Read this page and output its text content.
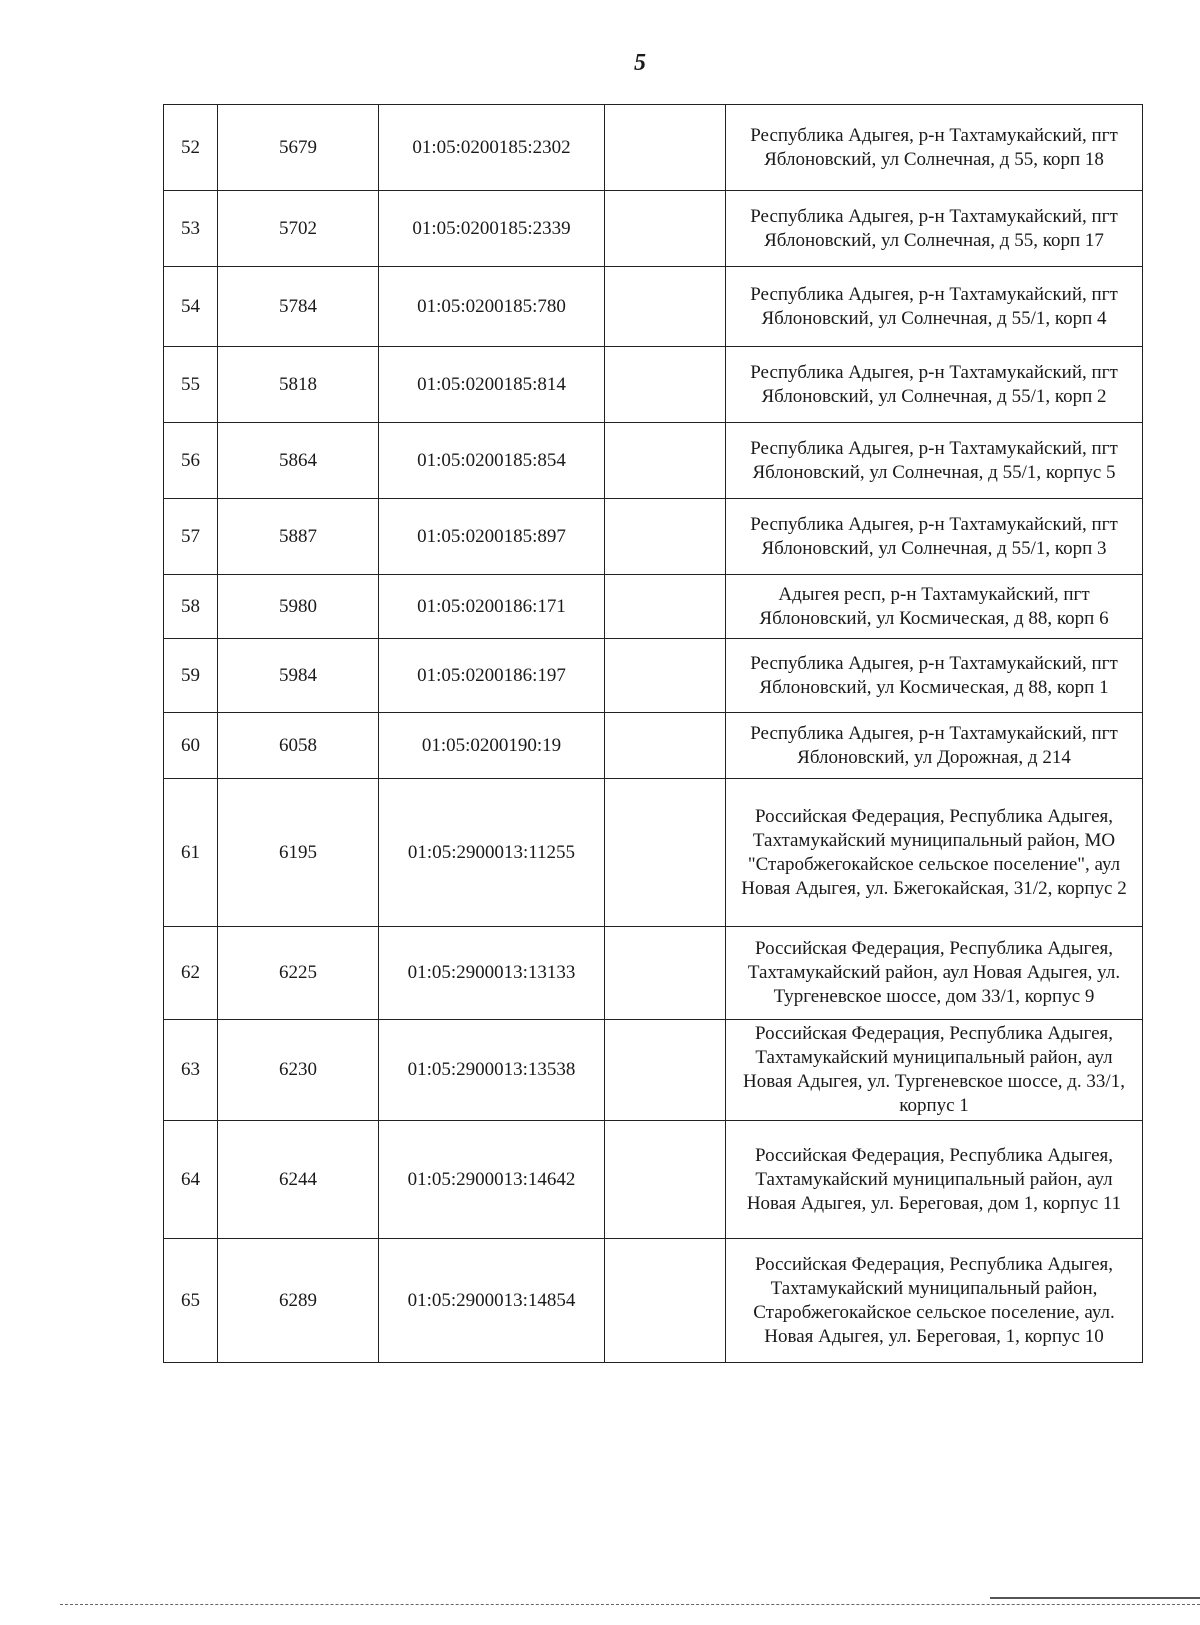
5
52	5679	01:05:0200185:2302		Республика Адыгея, р-н Тахтамукайский, пгт Яблоновский, ул Солнечная, д 55, корп 18
53	5702	01:05:0200185:2339		Республика Адыгея, р-н Тахтамукайский, пгт Яблоновский, ул Солнечная, д 55, корп 17
54	5784	01:05:0200185:780		Республика Адыгея, р-н Тахтамукайский, пгт Яблоновский, ул Солнечная, д 55/1, корп 4
55	5818	01:05:0200185:814		Республика Адыгея, р-н Тахтамукайский, пгт Яблоновский, ул Солнечная, д 55/1, корп 2
56	5864	01:05:0200185:854		Республика Адыгея, р-н Тахтамукайский, пгт Яблоновский, ул Солнечная, д 55/1, корпус 5
57	5887	01:05:0200185:897		Республика Адыгея, р-н Тахтамукайский, пгт Яблоновский, ул Солнечная, д 55/1, корп 3
58	5980	01:05:0200186:171		Адыгея респ, р-н Тахтамукайский, пгт Яблоновский, ул Космическая, д 88, корп 6
59	5984	01:05:0200186:197		Республика Адыгея, р-н Тахтамукайский, пгт Яблоновский, ул Космическая, д 88, корп 1
60	6058	01:05:0200190:19		Республика Адыгея, р-н Тахтамукайский, пгт Яблоновский, ул Дорожная, д 214
61	6195	01:05:2900013:11255		Российская Федерация, Республика Адыгея, Тахтамукайский муниципальный район, МО "Старобжегокайское сельское поселение", аул Новая Адыгея, ул. Бжегокайская, 31/2, корпус 2
62	6225	01:05:2900013:13133		Российская Федерация, Республика Адыгея, Тахтамукайский район, аул Новая Адыгея, ул. Тургеневское шоссе, дом 33/1, корпус 9
63	6230	01:05:2900013:13538		Российская Федерация, Республика Адыгея, Тахтамукайский муниципальный район, аул Новая Адыгея, ул. Тургеневское шоссе, д. 33/1, корпус 1
64	6244	01:05:2900013:14642		Российская Федерация, Республика Адыгея, Тахтамукайский муниципальный район, аул Новая Адыгея, ул. Береговая, дом 1, корпус 11
65	6289	01:05:2900013:14854		Российская Федерация, Республика Адыгея, Тахтамукайский муниципальный район, Старобжегокайское сельское поселение, аул. Новая Адыгея, ул. Береговая, 1, корпус 10
